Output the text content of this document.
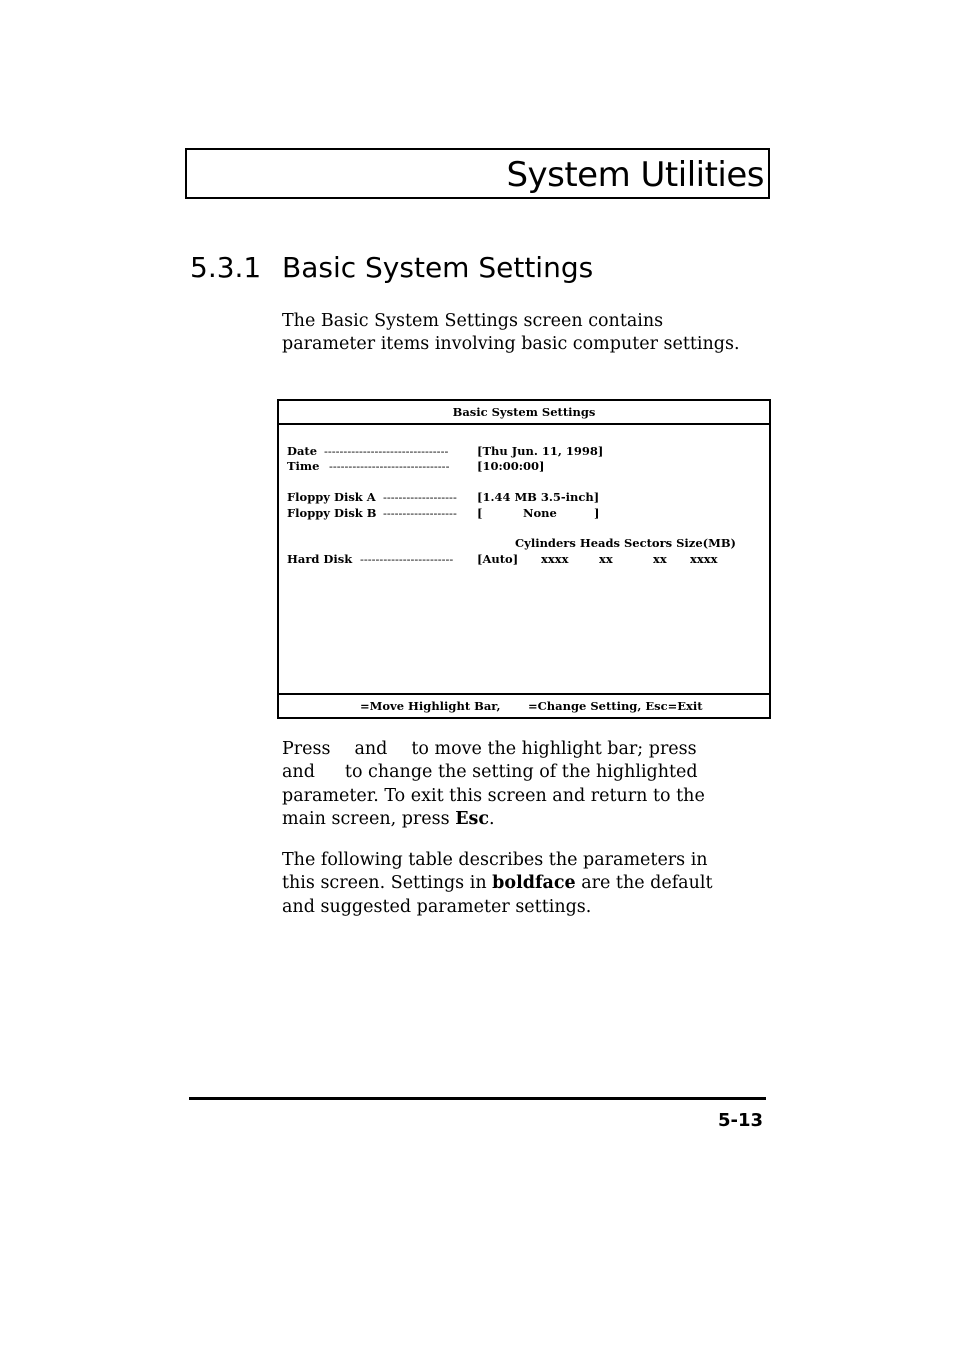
System Utilities
5.3.1 Basic System Settings
The Basic System Settings screen contains
parameter items involving basic computer settings.
Basic System Settings
Date -------------------------------- [Thu Jun. 11, 1998]
Time ------------------------------- [10:00:00]
Floppy Disk A ------------------- [1.44 MB 3.5-inch]
Floppy Disk B ------------------- [	None	]
Cylinders Heads Sectors Size(MB)
Hard Disk ------------------------ [Auto] xxxx	xx	xx xxxx
=Move Highlight Bar, =Change Setting, Esc=Exit
Press and to move the highlight bar; press
and to change the setting of the highlighted
parameter. To exit this screen and return to the
main screen, press Esc.
The following table describes the parameters in
this screen. Settings in boldface are the default
and suggested parameter settings.
5-13
